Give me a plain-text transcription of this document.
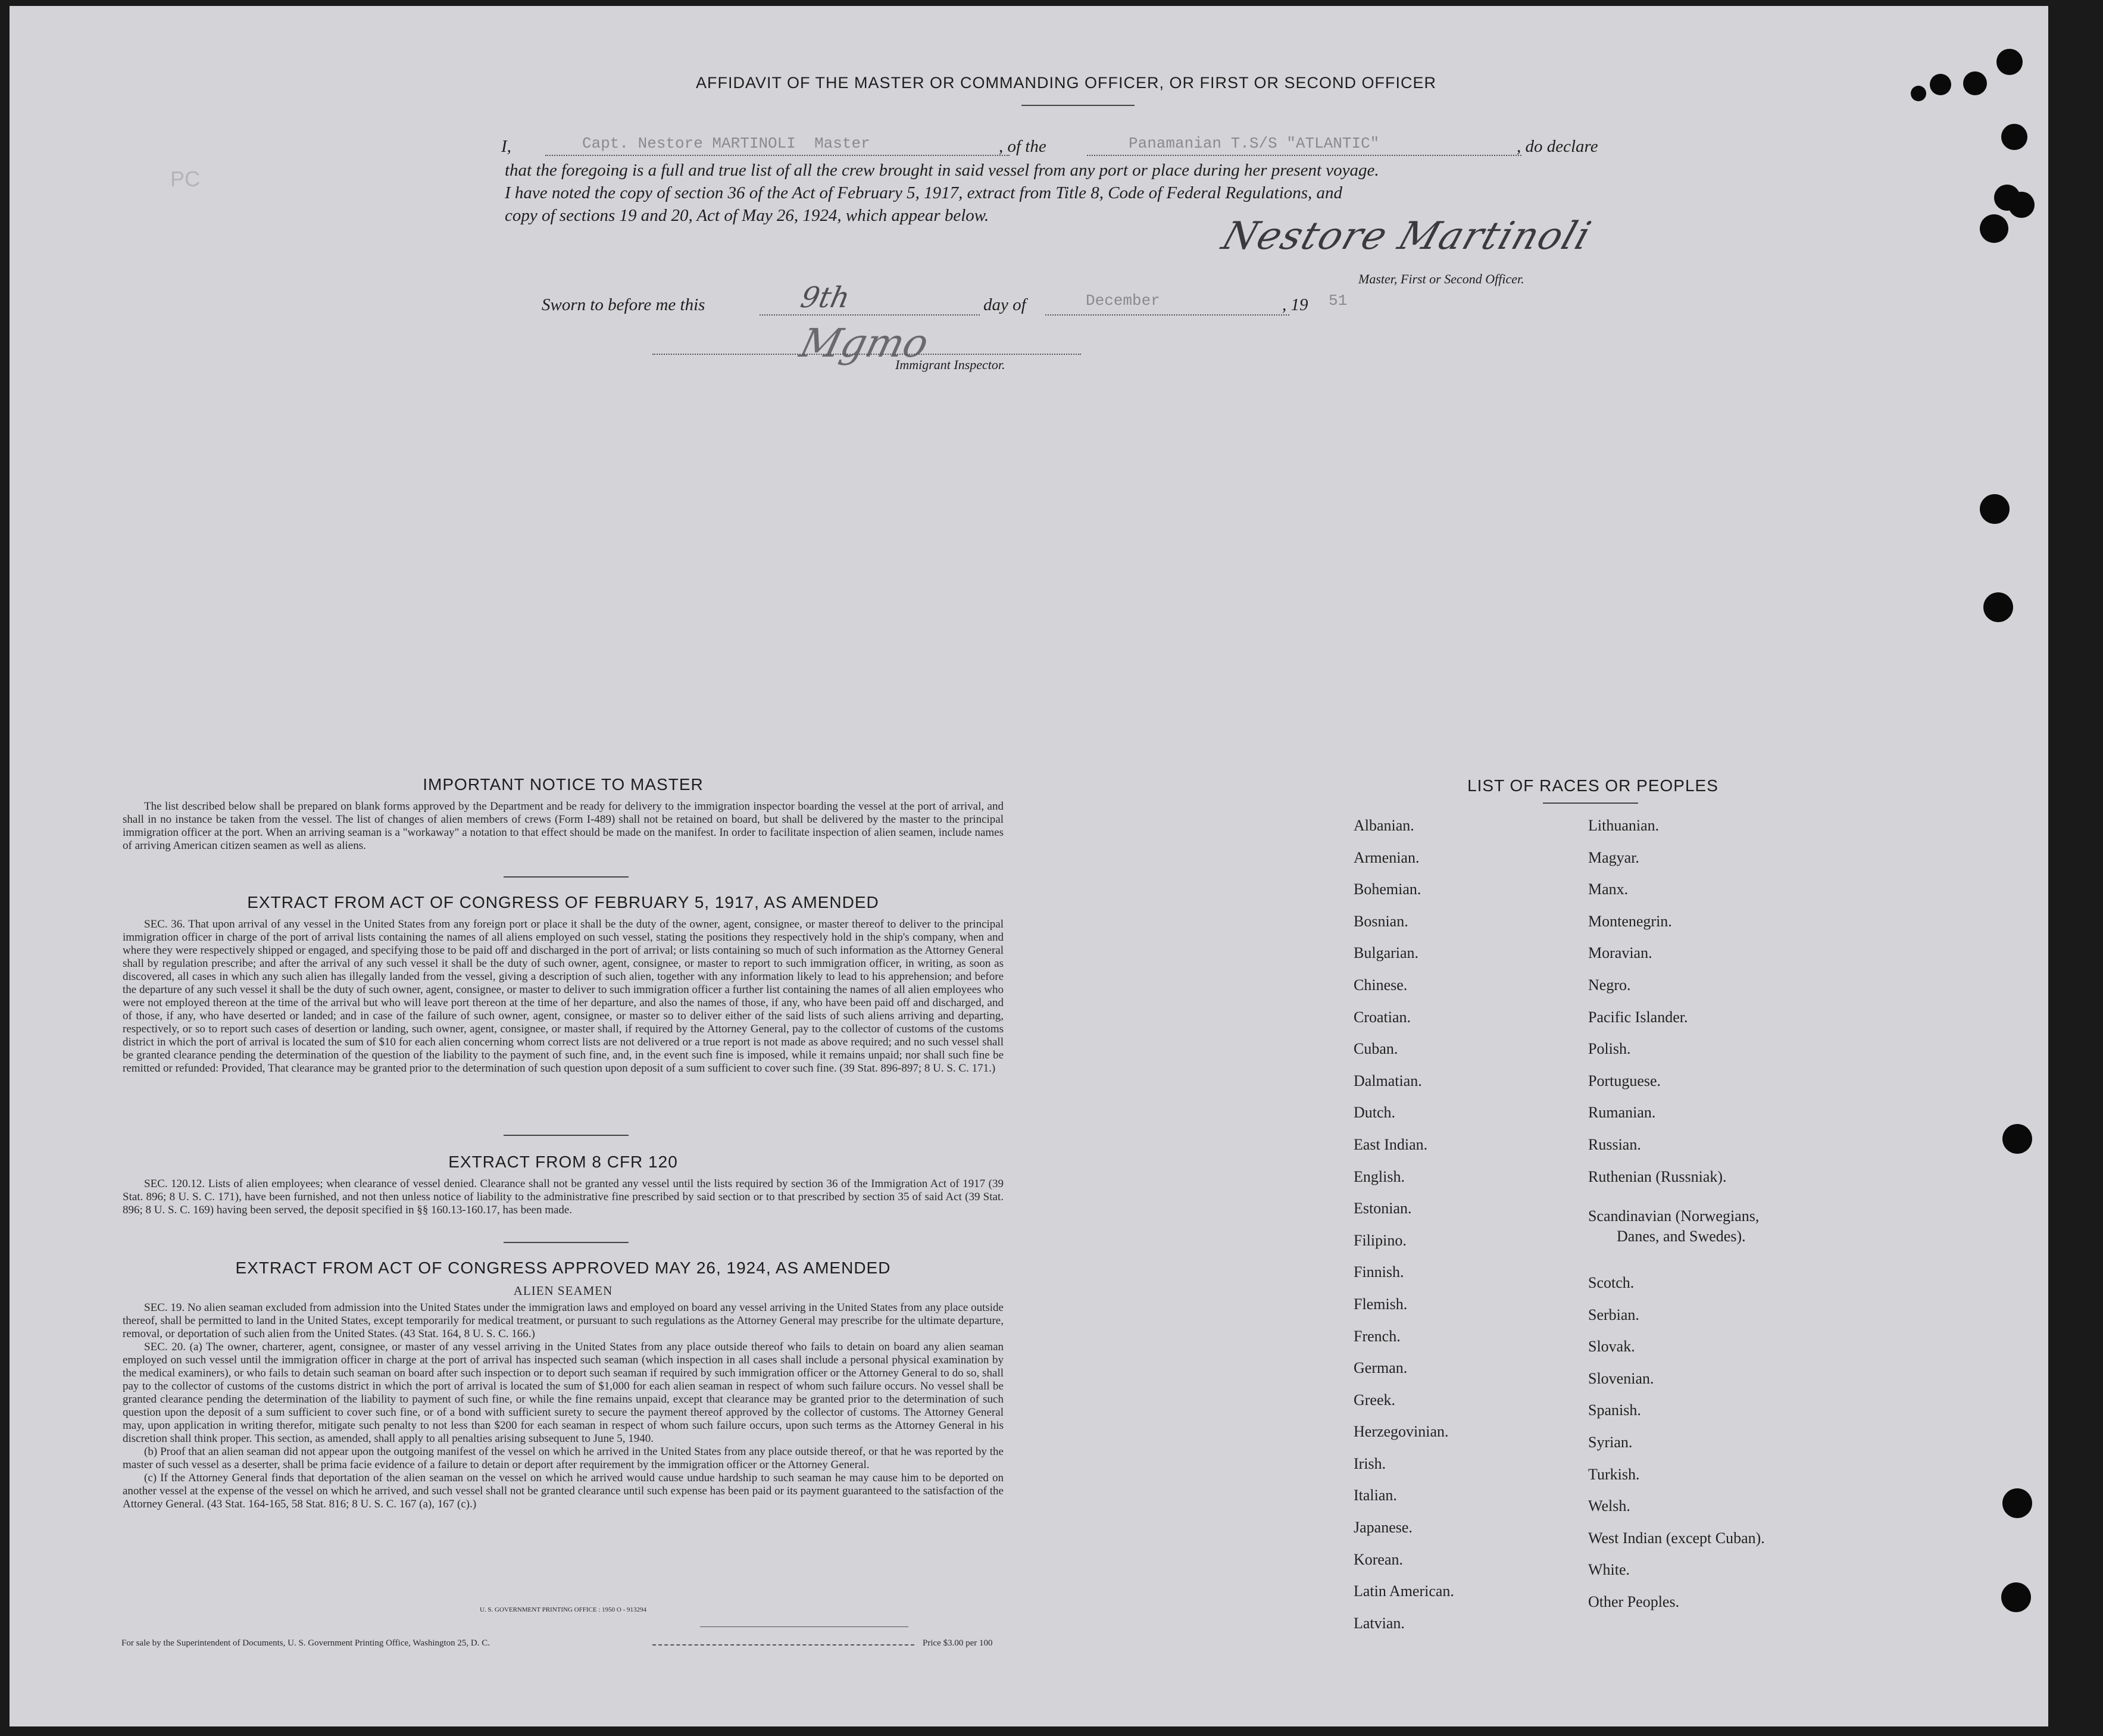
PC
AFFIDAVIT OF THE MASTER OR COMMANDING OFFICER, OR FIRST OR SECOND OFFICER
I,	Capt. Nestore MARTINOLI  Master	, of the	Panamanian T.S/S "ATLANTIC"	, do declare
that the foregoing is a full and true list of all the crew brought in said vessel from any port or place during her present voyage.
I have noted the copy of section 36 of the Act of February 5, 1917, extract from Title 8, Code of Federal Regulations, and
copy of sections 19 and 20, Act of May 26, 1924, which appear below.	Nestore Martinoli
Master, First or Second Officer.
Sworn to before me this	9th	day of	December	, 19 51
Mgmo
Immigrant Inspector.
IMPORTANT NOTICE TO MASTER
The list described below shall be prepared on blank forms approved by the Department and be ready for delivery to the immigration inspector boarding the vessel at the port of arrival, and shall in no instance be taken from the vessel. The list of changes of alien members of crews (Form I-489) shall not be retained on board, but shall be delivered by the master to the principal immigration officer at the port. When an arriving seaman is a "workaway" a notation to that effect should be made on the manifest. In order to facilitate inspection of alien seamen, include names of arriving American citizen seamen as well as aliens.
EXTRACT FROM ACT OF CONGRESS OF FEBRUARY 5, 1917, AS AMENDED
SEC. 36. That upon arrival of any vessel in the United States from any foreign port or place it shall be the duty of the owner, agent, consignee, or master thereof to deliver to the principal immigration officer in charge of the port of arrival lists containing the names of all aliens employed on such vessel, stating the positions they respectively hold in the ship's company, when and where they were respectively shipped or engaged, and specifying those to be paid off and discharged in the port of arrival; or lists containing so much of such information as the Attorney General shall by regulation prescribe; and after the arrival of any such vessel it shall be the duty of such owner, agent, consignee, or master to report to such immigration officer, in writing, as soon as discovered, all cases in which any such alien has illegally landed from the vessel, giving a description of such alien, together with any information likely to lead to his apprehension; and before the departure of any such vessel it shall be the duty of such owner, agent, consignee, or master to deliver to such immigration officer a further list containing the names of all alien employees who were not employed thereon at the time of the arrival but who will leave port thereon at the time of her departure, and also the names of those, if any, who have been paid off and discharged, and of those, if any, who have deserted or landed; and in case of the failure of such owner, agent, consignee, or master so to deliver either of the said lists of such aliens arriving and departing, respectively, or so to report such cases of desertion or landing, such owner, agent, consignee, or master shall, if required by the Attorney General, pay to the collector of customs of the customs district in which the port of arrival is located the sum of $10 for each alien concerning whom correct lists are not delivered or a true report is not made as above required; and no such vessel shall be granted clearance pending the determination of the question of the liability to the payment of such fine, and, in the event such fine is imposed, while it remains unpaid; nor shall such fine be remitted or refunded: Provided, That clearance may be granted prior to the determination of such question upon deposit of a sum sufficient to cover such fine. (39 Stat. 896-897; 8 U. S. C. 171.)
EXTRACT FROM 8 CFR 120
SEC. 120.12. Lists of alien employees; when clearance of vessel denied. Clearance shall not be granted any vessel until the lists required by section 36 of the Immigration Act of 1917 (39 Stat. 896; 8 U. S. C. 171), have been furnished, and not then unless notice of liability to the administrative fine prescribed by said section or to that prescribed by section 35 of said Act (39 Stat. 896; 8 U. S. C. 169) having been served, the deposit specified in §§ 160.13-160.17, has been made.
EXTRACT FROM ACT OF CONGRESS APPROVED MAY 26, 1924, AS AMENDED
ALIEN SEAMEN
SEC. 19. No alien seaman excluded from admission into the United States under the immigration laws and employed on board any vessel arriving in the United States from any place outside thereof, shall be permitted to land in the United States, except temporarily for medical treatment, or pursuant to such regulations as the Attorney General may prescribe for the ultimate departure, removal, or deportation of such alien from the United States. (43 Stat. 164, 8 U. S. C. 166.)
SEC. 20. (a) The owner, charterer, agent, consignee, or master of any vessel arriving in the United States from any place outside thereof who fails to detain on board any alien seaman employed on such vessel until the immigration officer in charge at the port of arrival has inspected such seaman (which inspection in all cases shall include a personal physical examination by the medical examiners), or who fails to detain such seaman on board after such inspection or to deport such seaman if required by such immigration officer or the Attorney General to do so, shall pay to the collector of customs of the customs district in which the port of arrival is located the sum of $1,000 for each alien seaman in respect of whom such failure occurs. No vessel shall be granted clearance pending the determination of the liability to payment of such fine, or while the fine remains unpaid, except that clearance may be granted prior to the determination of such question upon the deposit of a sum sufficient to cover such fine, or of a bond with sufficient surety to secure the payment thereof approved by the collector of customs. The Attorney General may, upon application in writing therefor, mitigate such penalty to not less than $200 for each seaman in respect of whom such failure occurs, upon such terms as the Attorney General in his discretion shall think proper. This section, as amended, shall apply to all penalties arising subsequent to June 5, 1940.
(b) Proof that an alien seaman did not appear upon the outgoing manifest of the vessel on which he arrived in the United States from any place outside thereof, or that he was reported by the master of such vessel as a deserter, shall be prima facie evidence of a failure to detain or deport after requirement by the immigration officer or the Attorney General.
(c) If the Attorney General finds that deportation of the alien seaman on the vessel on which he arrived would cause undue hardship to such seaman he may cause him to be deported on another vessel at the expense of the vessel on which he arrived, and such vessel shall not be granted clearance until such expense has been paid or its payment guaranteed to the satisfaction of the Attorney General. (43 Stat. 164-165, 58 Stat. 816; 8 U. S. C. 167 (a), 167 (c).)
U. S. GOVERNMENT PRINTING OFFICE : 1950 O - 913294
For sale by the Superintendent of Documents, U. S. Government Printing Office, Washington 25, D. C.	Price $3.00 per 100
LIST OF RACES OR PEOPLES
Albanian.
Armenian.
Bohemian.
Bosnian.
Bulgarian.
Chinese.
Croatian.
Cuban.
Dalmatian.
Dutch.
East Indian.
English.
Estonian.
Filipino.
Finnish.
Flemish.
French.
German.
Greek.
Herzegovinian.
Irish.
Italian.
Japanese.
Korean.
Latin American.
Latvian.
Lithuanian.
Magyar.
Manx.
Montenegrin.
Moravian.
Negro.
Pacific Islander.
Polish.
Portuguese.
Rumanian.
Russian.
Ruthenian (Russniak).
Scandinavian (Norwegians,
Danes, and Swedes).
Scotch.
Serbian.
Slovak.
Slovenian.
Spanish.
Syrian.
Turkish.
Welsh.
West Indian (except Cuban).
White.
Other Peoples.
